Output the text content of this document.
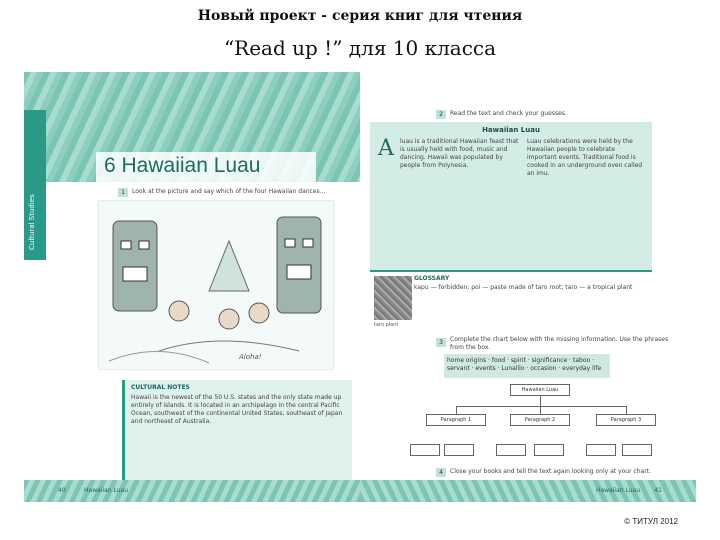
Новый проект - серия книг для чтения
“Read up !” для 10 класса
Cultural Studies
6 Hawaiian Luau
1	Look at the picture and say which of the four Hawaiian dances...
Aloha!
CULTURAL NOTES
Hawaii is the newest of the 50 U.S. states and the only state made up entirely of islands. It is located in an archipelago in the central Pacific Ocean, southwest of the continental United States, southeast of Japan and northeast of Australia.
40	Hawaiian Luau
2	Read the text and check your guesses.
Hawaiian Luau
A luau is a traditional Hawaiian feast that is usually held with food, music and dancing. Hawaii was populated by people from Polynesia.
Luau celebrations were held by the Hawaiian people to celebrate important events. Traditional food is cooked in an underground oven called an imu.
GLOSSARY
kapu — forbidden; poi — paste made of taro root; taro — a tropical plant
taro plant
3	Complete the chart below with the missing information. Use the phrases from the box.
home origins · food · spirit · significance · taboo · servant · events · Lunalilo · occasion · everyday life
Hawaiian Luau
Paragraph 1	Paragraph 2	Paragraph 3
4	Close your books and tell the text again looking only at your chart.
Hawaiian Luau 41
© ТИТУЛ 2012
